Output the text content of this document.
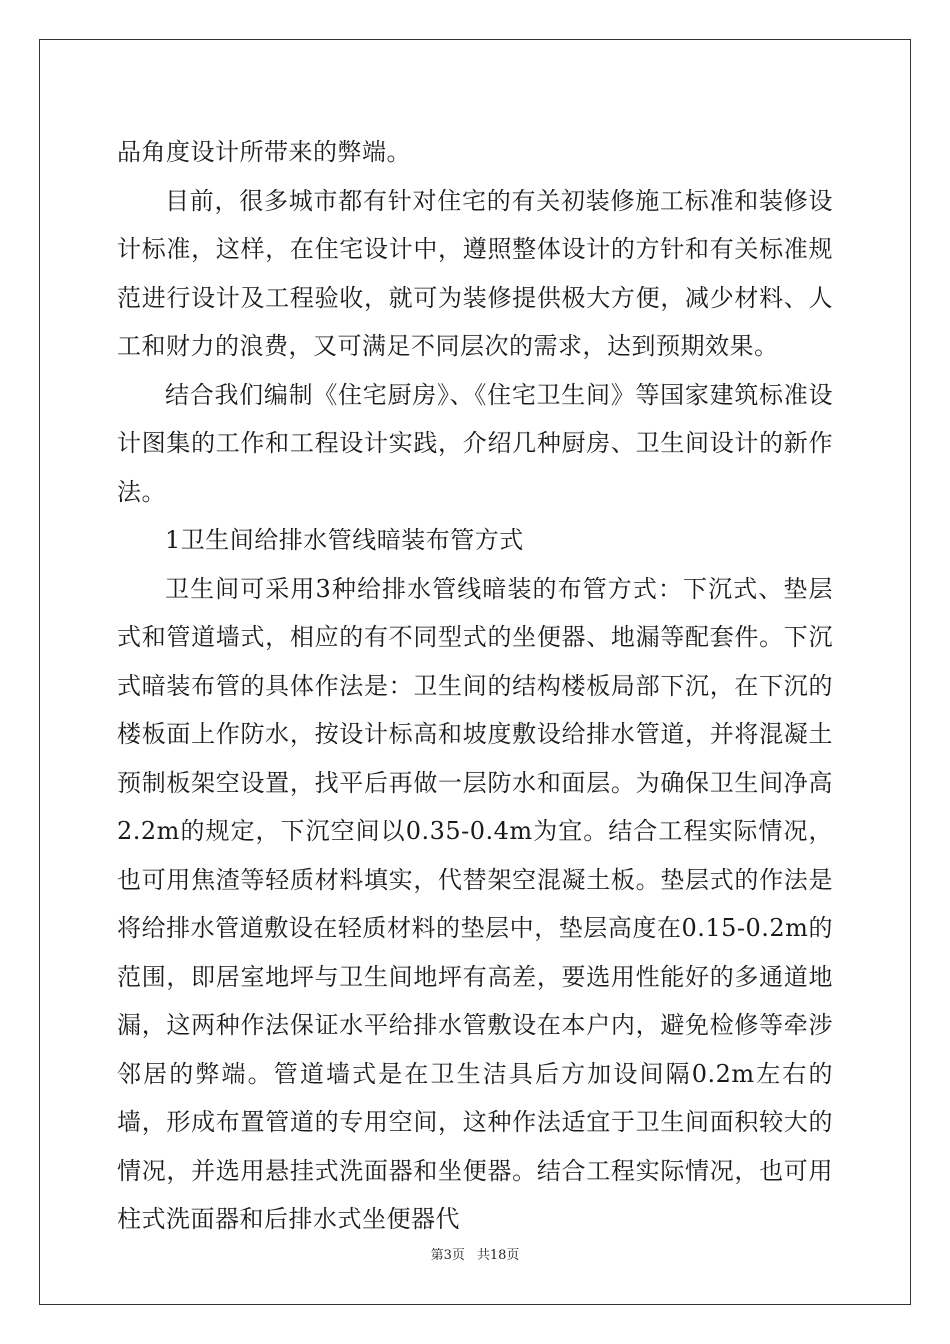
品角度设计所带来的弊端。

目前，很多城市都有针对住宅的有关初装修施工标准和装修设计标准，这样，在住宅设计中，遵照整体设计的方针和有关标准规范进行设计及工程验收，就可为装修提供极大方便，减少材料、人工和财力的浪费，又可满足不同层次的需求，达到预期效果。

结合我们编制《住宅厨房》、《住宅卫生间》等国家建筑标准设计图集的工作和工程设计实践，介绍几种厨房、卫生间设计的新作法。

1卫生间给排水管线暗装布管方式

卫生间可采用3种给排水管线暗装的布管方式：下沉式、垫层式和管道墙式，相应的有不同型式的坐便器、地漏等配套件。下沉式暗装布管的具体作法是：卫生间的结构楼板局部下沉，在下沉的楼板面上作防水，按设计标高和坡度敷设给排水管道，并将混凝土预制板架空设置，找平后再做一层防水和面层。为确保卫生间净高2.2m的规定，下沉空间以0.35-0.4m为宜。结合工程实际情况，也可用焦渣等轻质材料填实，代替架空混凝土板。垫层式的作法是将给排水管道敷设在轻质材料的垫层中，垫层高度在0.15-0.2m的范围，即居室地坪与卫生间地坪有高差，要选用性能好的多通道地漏，这两种作法保证水平给排水管敷设在本户内，避免检修等牵涉邻居的弊端。管道墙式是在卫生洁具后方加设间隔0.2m左右的墙，形成布置管道的专用空间，这种作法适宜于卫生间面积较大的情况，并选用悬挂式洗面器和坐便器。结合工程实际情况，也可用柱式洗面器和后排水式坐便器代

第3页 共18页
